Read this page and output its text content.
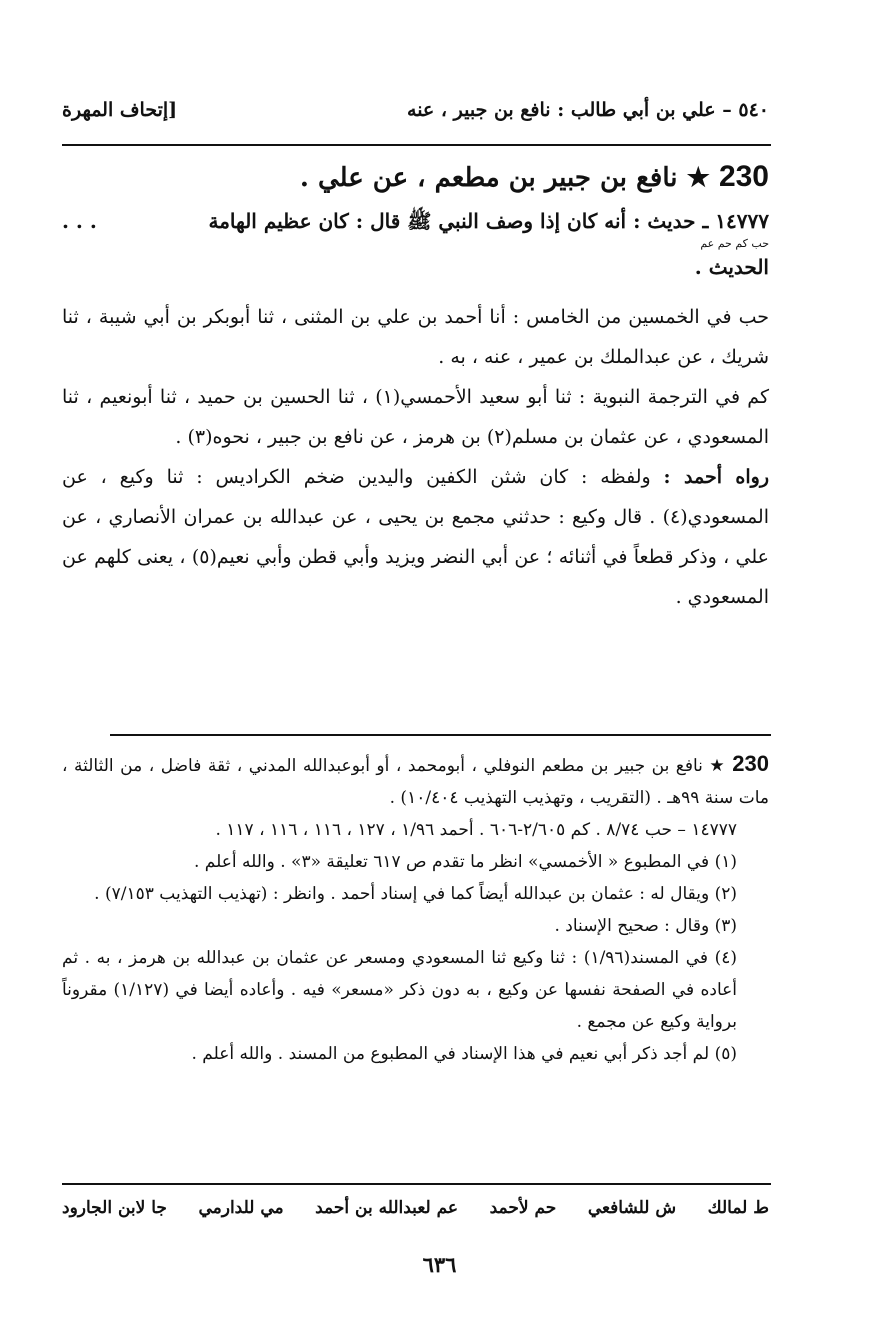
٥٤٠ – علي بن أبي طالب : نافع بن جبير ، عنه
[إتحاف المهرة
230 ★ نافع بن جبير بن مطعم ، عن علي .
١٤٧٧٧ ـ حديث : أنه كان إذا وصف النبي ﷺ قال : كان عظيم الهامة
. . .
حب كم حم عم
الحديث .

حب في الخمسين من الخامس : أنا أحمد بن علي بن المثنى ، ثنا أبوبكر بن أبي شيبة ، ثنا شريك ، عن عبدالملك بن عمير ، عنه ، به .

كم في الترجمة النبوية : ثنا أبو سعيد الأحمسي(١) ، ثنا الحسين بن حميد ، ثنا أبونعيم ، ثنا المسعودي ، عن عثمان بن مسلم(٢) بن هرمز ، عن نافع بن جبير ، نحوه(٣) .

رواه أحمد : ولفظه : كان شثن الكفين واليدين ضخم الكراديس : ثنا وكيع ، عن المسعودي(٤) . قال وكيع : حدثني مجمع بن يحيى ، عن عبدالله بن عمران الأنصاري ، عن علي ، وذكر قطعاً في أثنائه ؛ عن أبي النضر ويزيد وأبي قطن وأبي نعيم(٥) ، يعنى كلهم عن المسعودي .

230 ★ نافع بن جبير بن مطعم النوفلي ، أبومحمد ، أو أبوعبدالله المدني ، ثقة فاضل ، من الثالثة ، مات سنة ٩٩هـ . (التقريب ، وتهذيب التهذيب ١٠/٤٠٤) .

١٤٧٧٧ – حب ٨/٧٤ . كم ٢/٦٠٥-٦٠٦ . أحمد ١/٩٦ ، ١٢٧ ، ١١٦ ، ١١٦ ، ١١٧ .

(١) في المطبوع « الأخمسي» انظر ما تقدم ص ٦١٧ تعليقة «٣» . والله أعلم .

(٢) ويقال له : عثمان بن عبدالله أيضاً كما في إسناد أحمد . وانظر : (تهذيب التهذيب ٧/١٥٣) .

(٣) وقال : صحيح الإسناد .

(٤) في المسند(١/٩٦) : ثنا وكيع ثنا المسعودي ومسعر عن عثمان بن عبدالله بن هرمز ، به . ثم أعاده في الصفحة نفسها عن وكيع ، به دون ذكر «مسعر» فيه . وأعاده أيضا في (١/١٢٧) مقروناً برواية وكيع عن مجمع .

(٥) لم أجد ذكر أبي نعيم في هذا الإسناد في المطبوع من المسند . والله أعلم .

ط لمالك
ش للشافعي
حم لأحمد
عم لعبدالله بن أحمد
مي للدارمي
جا لابن الجارود
٦٣٦
